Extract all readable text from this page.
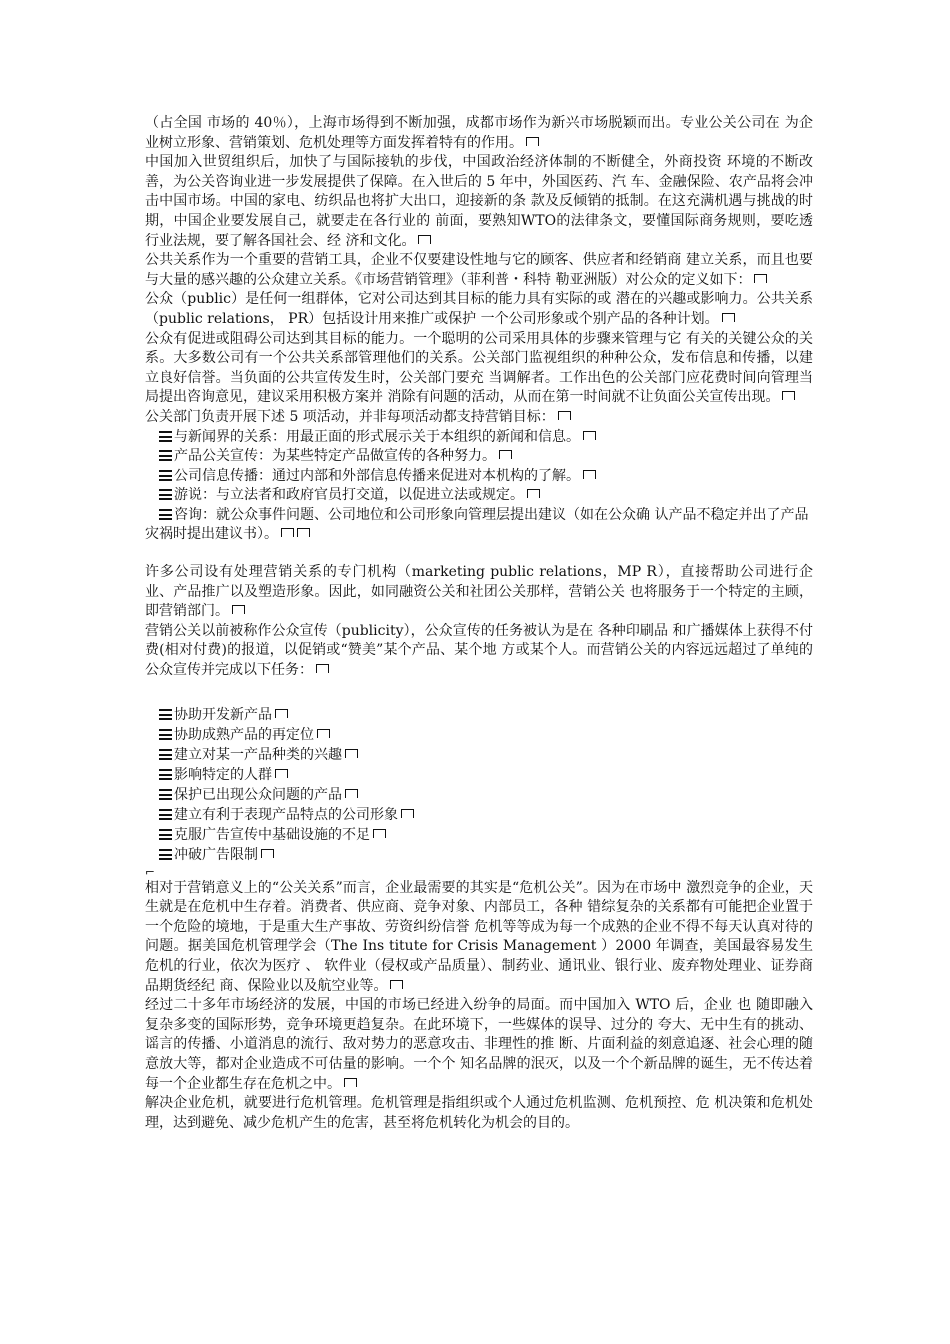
（占全国 市场的 40％），上海市场得到不断加强，成都市场作为新兴市场脱颖而出。专业公关公司在 为企业树立形象、营销策划、危机处理等方面发挥着特有的作用。

中国加入世贸组织后，加快了与国际接轨的步伐，中国政治经济体制的不断健全，外商投资 环境的不断改善，为公关咨询业进一步发展提供了保障。在入世后的 5 年中，外国医药、汽 车、金融保险、农产品将会冲击中国市场。中国的家电、纺织品也将扩大出口，迎接新的条 款及反倾销的抵制。在这充满机遇与挑战的时期，中国企业要发展自己，就要走在各行业的 前面，要熟知WTO的法律条文，要懂国际商务规则，要吃透行业法规，要了解各国社会、经 济和文化。

公共关系作为一个重要的营销工具，企业不仅要建设性地与它的顾客、供应者和经销商 建立关系，而且也要与大量的感兴趣的公众建立关系。《市场营销管理》（菲利普・科特 勒亚洲版）对公众的定义如下：

公众（public）是任何一组群体，它对公司达到其目标的能力具有实际的或 潜在的兴趣或影响力。公共关系（public relations， PR）包括设计用来推广或保护 一个公司形象或个别产品的各种计划。

公众有促进或阻碍公司达到其目标的能力。一个聪明的公司采用具体的步骤来管理与它 有关的关键公众的关系。大多数公司有一个公共关系部管理他们的关系。公关部门监视组织的种种公众，发布信息和传播，以建立良好信誉。当负面的公共宣传发生时，公关部门要充 当调解者。工作出色的公关部门应花费时间向管理当局提出咨询意见，建议采用积极方案并 消除有问题的活动，从而在第一时间就不让负面公关宣传出现。

公关部门负责开展下述 5 项活动，并非每项活动都支持营销目标：

与新闻界的关系：用最正面的形式展示关于本组织的新闻和信息。

产品公关宣传：为某些特定产品做宣传的各种努力。

公司信息传播：通过内部和外部信息传播来促进对本机构的了解。

游说：与立法者和政府官员打交道，以促进立法或规定。

咨询：就公众事件问题、公司地位和公司形象向管理层提出建议（如在公众确 认产品不稳定并出了产品灾祸时提出建议书）。

许多公司设有处理营销关系的专门机构（marketing public relations，MP R），直接帮助公司进行企业、产品推广以及塑造形象。因此，如同融资公关和社团公关那样，营销公关 也将服务于一个特定的主顾，即营销部门。

营销公关以前被称作公众宣传（publicity），公众宣传的任务被认为是在 各种印刷品 和广播媒体上获得不付费(相对付费)的报道，以促销或“赞美”某个产品、某个地 方或某个人。而营销公关的内容远远超过了单纯的公众宣传并完成以下任务：

协助开发新产品

协助成熟产品的再定位

建立对某一产品种类的兴趣

影响特定的人群

保护已出现公众问题的产品

建立有利于表现产品特点的公司形象

克服广告宣传中基础设施的不足

冲破广告限制

⌐

相对于营销意义上的“公关关系”而言，企业最需要的其实是“危机公关”。因为在市场中 激烈竞争的企业，天生就是在危机中生存着。消费者、供应商、竞争对象、内部员工，各种 错综复杂的关系都有可能把企业置于一个危险的境地，于是重大生产事故、劳资纠纷信誉 危机等等成为每一个成熟的企业不得不每天认真对待的问题。据美国危机管理学会（The Ins titute for Crisis Management ）2000 年调查，美国最容易发生危机的行业，依次为医疗 、 软件业（侵权或产品质量）、制药业、通讯业、银行业、废弃物处理业、证券商品期货经纪 商、保险业以及航空业等。

经过二十多年市场经济的发展，中国的市场已经进入纷争的局面。而中国加入 WTO 后，企业 也 随即融入复杂多变的国际形势，竞争环境更趋复杂。在此环境下，一些媒体的误导、过分的 夸大、无中生有的挑动、谣言的传播、小道消息的流行、敌对势力的恶意攻击、非理性的推 断、片面利益的刻意追逐、社会心理的随意放大等，都对企业造成不可估量的影响。一个个 知名品牌的泯灭，以及一个个新品牌的诞生，无不传达着每一个企业都生存在危机之中。

解决企业危机，就要进行危机管理。危机管理是指组织或个人通过危机监测、危机预控、危 机决策和危机处理，达到避免、减少危机产生的危害，甚至将危机转化为机会的目的。
